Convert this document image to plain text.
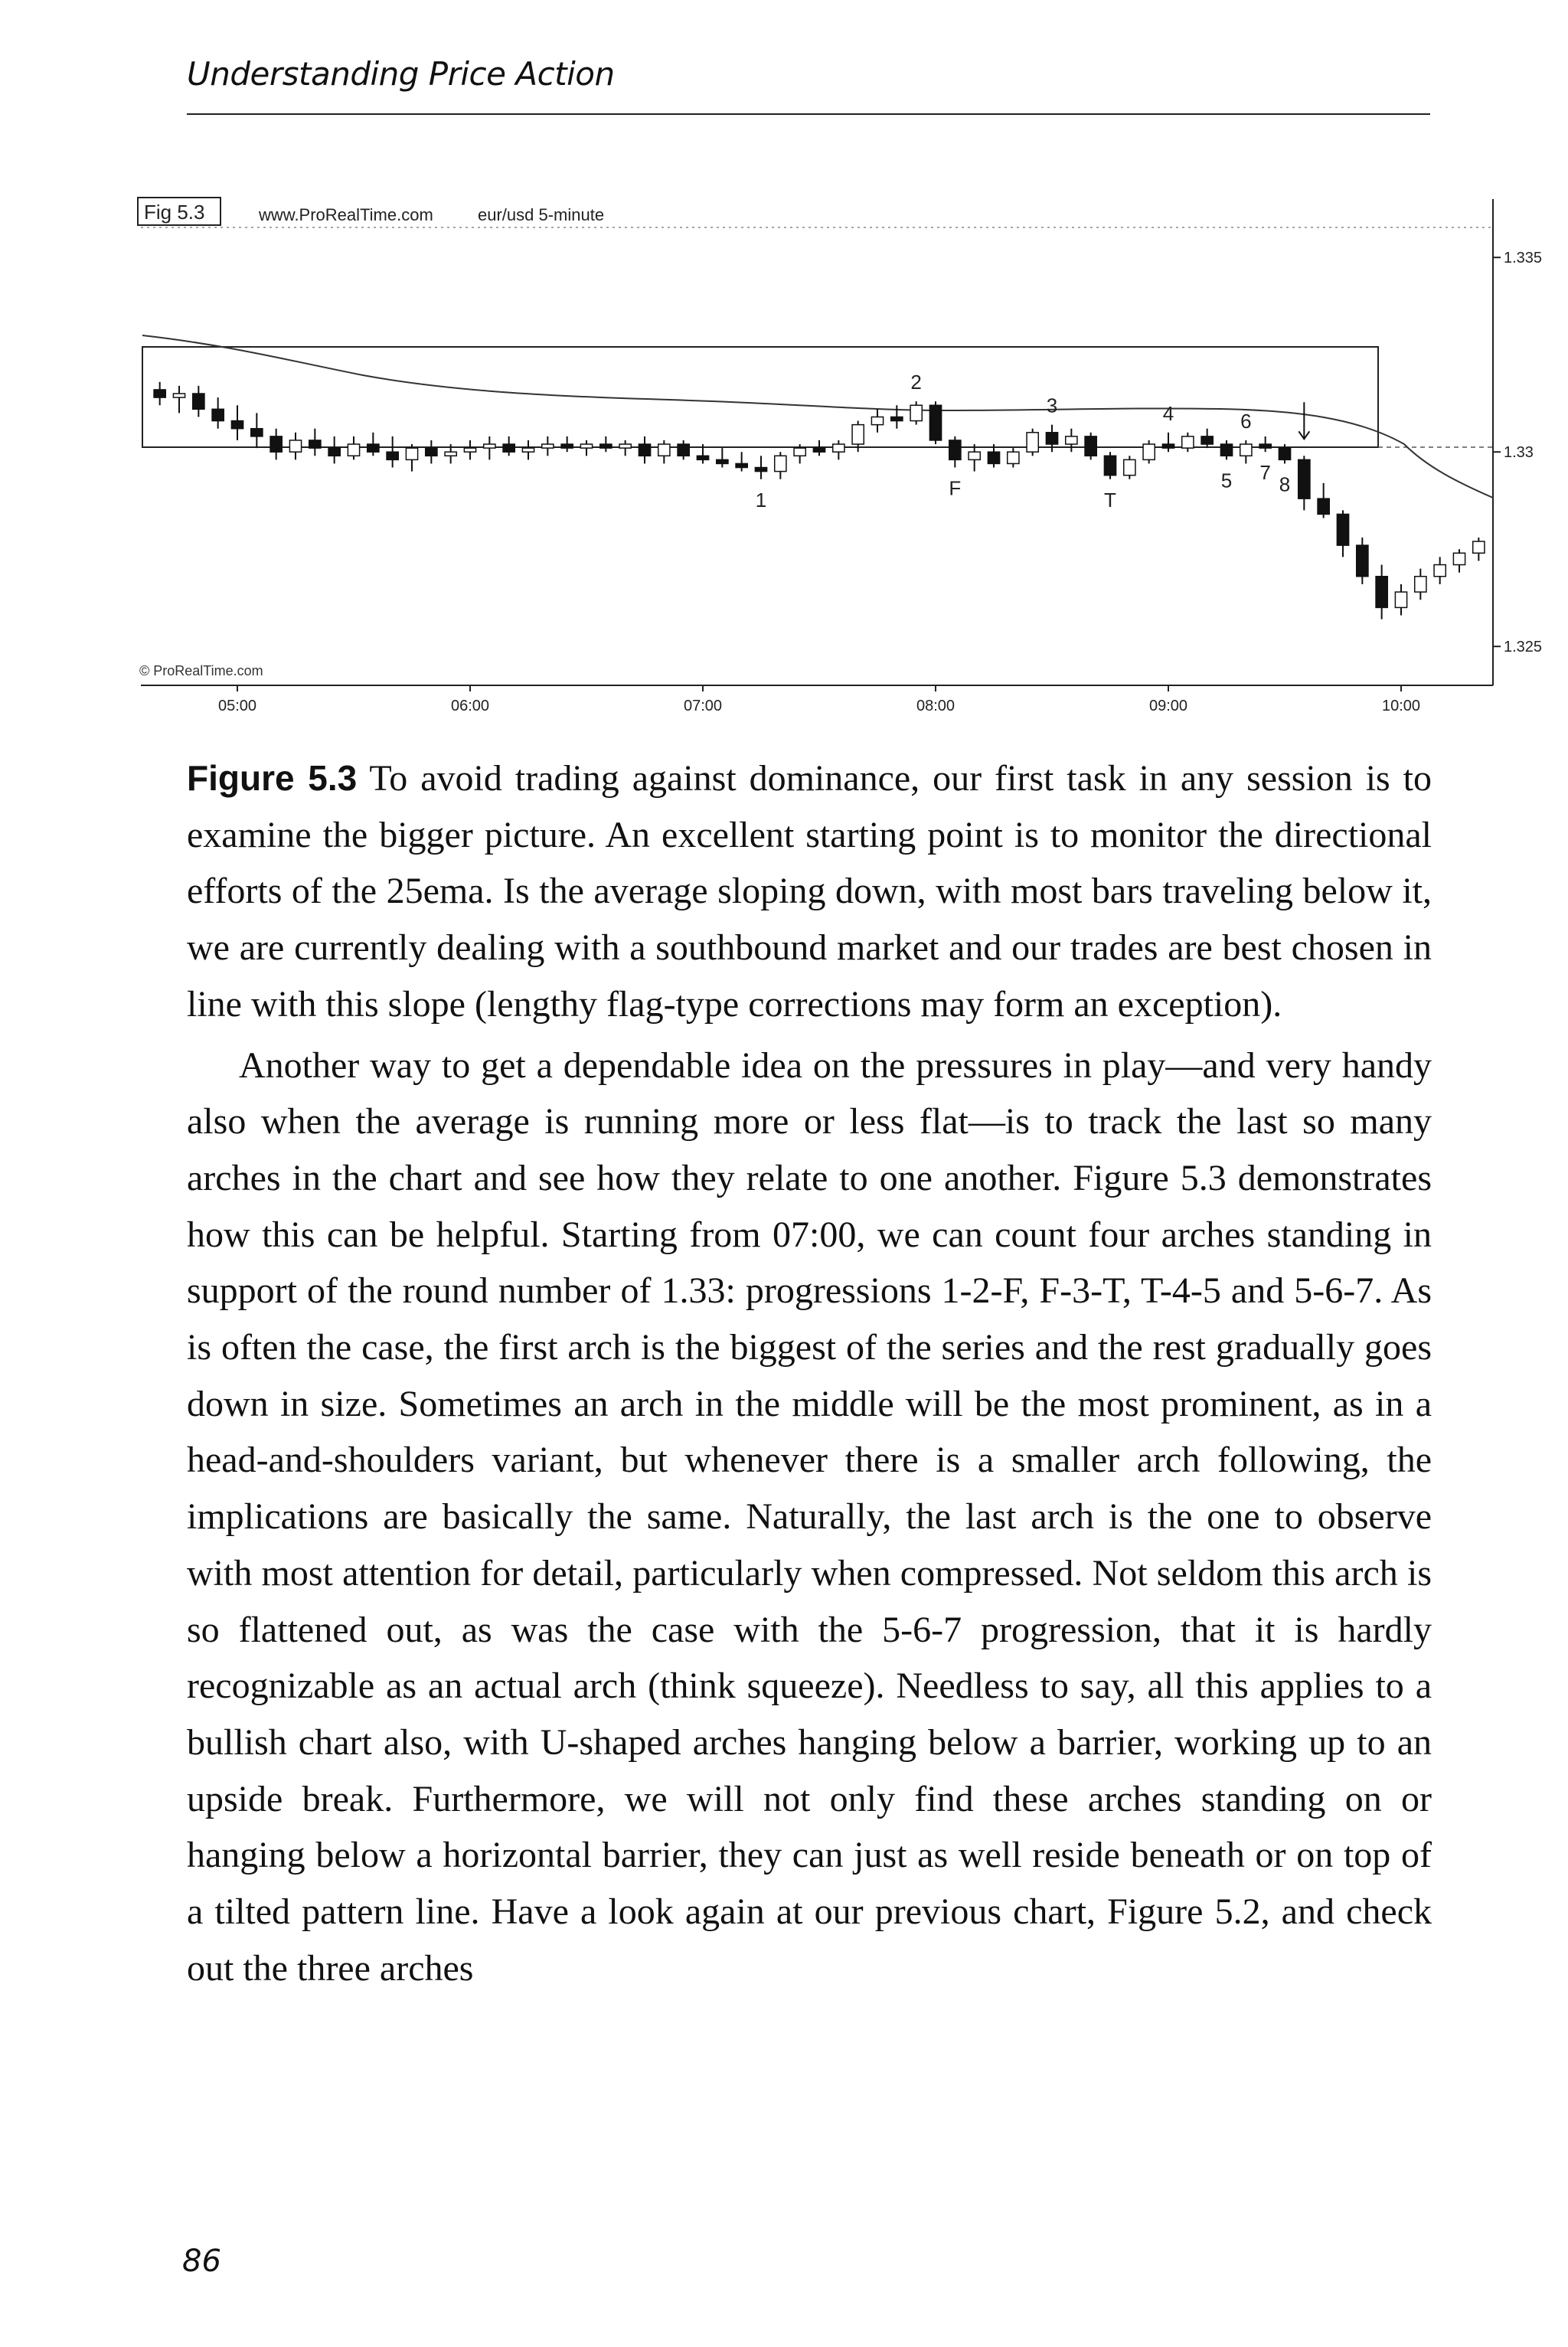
Understanding Price Action
Fig 5.3	www.ProRealTime.com	eur/usd 5-minute
© ProRealTime.com
1.335
1.33
1.325
05:00	06:00	07:00	08:00	09:00	10:00
2
3	4	6
1
F
T
5 7
8

Figure 5.3 To avoid trading against dominance, our first task in any session is to examine the bigger picture. An excellent starting point is to monitor the directional efforts of the 25ema. Is the average sloping down, with most bars traveling below it, we are currently dealing with a southbound market and our trades are best chosen in line with this slope (lengthy flag-type corrections may form an exception).

Another way to get a dependable idea on the pressures in play—and very handy also when the average is running more or less flat—is to track the last so many arches in the chart and see how they relate to one another. Figure 5.3 demonstrates how this can be helpful. Starting from 07:00, we can count four arches standing in support of the round number of 1.33: progressions 1-2-F, F-3-T, T-4-5 and 5-6-7. As is often the case, the first arch is the biggest of the series and the rest gradually goes down in size. Sometimes an arch in the middle will be the most prominent, as in a head-and-shoulders variant, but whenever there is a smaller arch following, the implications are basically the same. Naturally, the last arch is the one to observe with most attention for detail, particularly when compressed. Not seldom this arch is so flattened out, as was the case with the 5-6-7 progression, that it is hardly recognizable as an actual arch (think squeeze). Needless to say, all this applies to a bullish chart also, with U-shaped arches hanging below a barrier, working up to an upside break. Furthermore, we will not only find these arches standing on or hanging below a horizontal barrier, they can just as well reside beneath or on top of a tilted pattern line. Have a look again at our previous chart, Figure 5.2, and check out the three arches

86
